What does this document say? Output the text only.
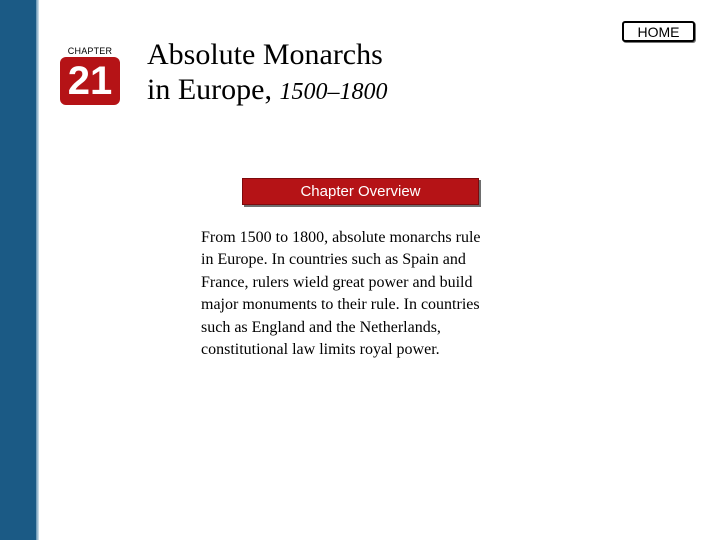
CHAPTER
21
Absolute Monarchs
in Europe, 1500–1800
HOME
Chapter Overview
From 1500 to 1800, absolute monarchs rule
in Europe. In countries such as Spain and
France, rulers wield great power and build
major monuments to their rule. In countries
such as England and the Netherlands,
constitutional law limits royal power.
